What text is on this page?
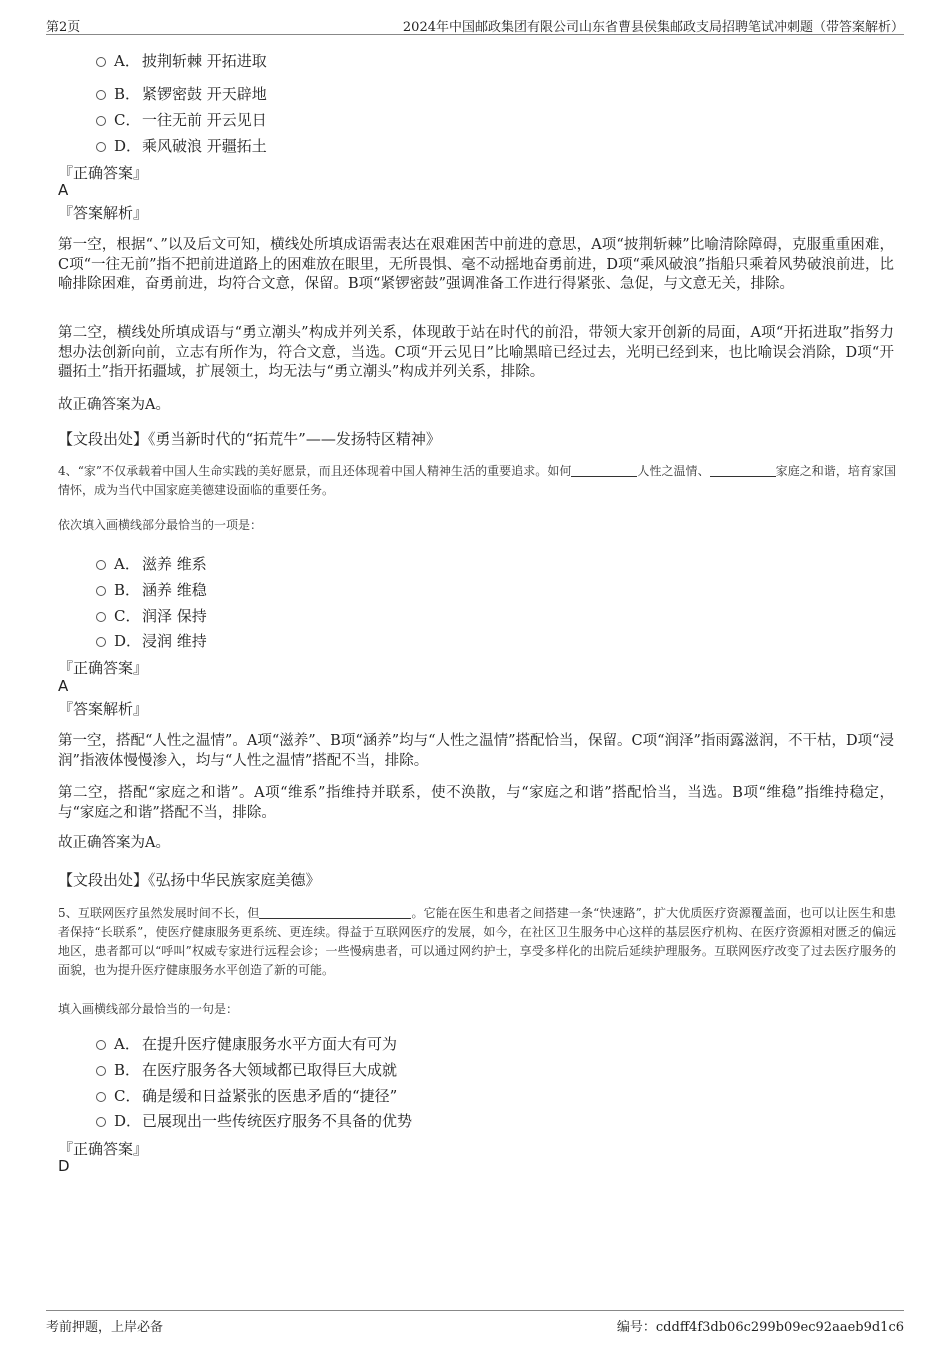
第2页	2024年中国邮政集团有限公司山东省曹县侯集邮政支局招聘笔试冲刺题（带答案解析）
A． 披荆斩棘 开拓进取
B． 紧锣密鼓 开天辟地
C． 一往无前 开云见日
D．乘风破浪 开疆拓土
『正确答案』
A
『答案解析』
第一空，根据“、”以及后文可知，横线处所填成语需表达在艰难困苦中前进的意思，A项“披荆斩棘”比喻清除障碍，克服重重困难，C项“一往无前”指不把前进道路上的困难放在眼里，无所畏惧、毫不动摇地奋勇前进，D项“乘风破浪”指船只乘着风势破浪前进，比喻排除困难，奋勇前进，均符合文意，保留。B项“紧锣密鼓”强调准备工作进行得紧张、急促，与文意无关，排除。
第二空，横线处所填成语与“勇立潮头”构成并列关系，体现敢于站在时代的前沿，带领大家开创新的局面，A项“开拓进取”指努力想办法创新向前，立志有所作为，符合文意，当选。C项“开云见日”比喻黑暗已经过去，光明已经到来，也比喻误会消除，D项“开疆拓土”指开拓疆域，扩展领土，均无法与“勇立潮头”构成并列关系，排除。
故正确答案为A。
【文段出处】《勇当新时代的“拓荒牛”——发扬特区精神》
4、“家”不仅承载着中国人生命实践的美好愿景，而且还体现着中国人精神生活的重要追求。如何	人性之温情、	家庭之和谐，培育家国情怀，成为当代中国家庭美德建设面临的重要任务。
依次填入画横线部分最恰当的一项是：
A． 滋养 维系
B． 涵养 维稳
C． 润泽 保持
D．浸润 维持
『正确答案』
A
『答案解析』
第一空，搭配“人性之温情”。A项“滋养”、B项“涵养”均与“人性之温情”搭配恰当，保留。C项“润泽”指雨露滋润，不干枯，D项“浸润”指液体慢慢渗入，均与“人性之温情”搭配不当，排除。
第二空，搭配“家庭之和谐”。A项“维系”指维持并联系，使不涣散，与“家庭之和谐”搭配恰当，当选。B项“维稳”指维持稳定，与“家庭之和谐”搭配不当，排除。
故正确答案为A。
【文段出处】《弘扬中华民族家庭美德》
5、互联网医疗虽然发展时间不长，但	。它能在医生和患者之间搭建一条“快速路”，扩大优质医疗资源覆盖面，也可以让医生和患者保持“长联系”，使医疗健康服务更系统、更连续。得益于互联网医疗的发展，如今，在社区卫生服务中心这样的基层医疗机构、在医疗资源相对匮乏的偏远地区，患者都可以“呼叫”权威专家进行远程会诊；一些慢病患者，可以通过网约护士，享受多样化的出院后延续护理服务。互联网医疗改变了过去医疗服务的面貌，也为提升医疗健康服务水平创造了新的可能。
填入画横线部分最恰当的一句是：
A． 在提升医疗健康服务水平方面大有可为
B． 在医疗服务各大领域都已取得巨大成就
C． 确是缓和日益紧张的医患矛盾的“捷径”
D．已展现出一些传统医疗服务不具备的优势
『正确答案』
D
考前押题，上岸必备	编号：cddff4f3db06c299b09ec92aaeb9d1c6
